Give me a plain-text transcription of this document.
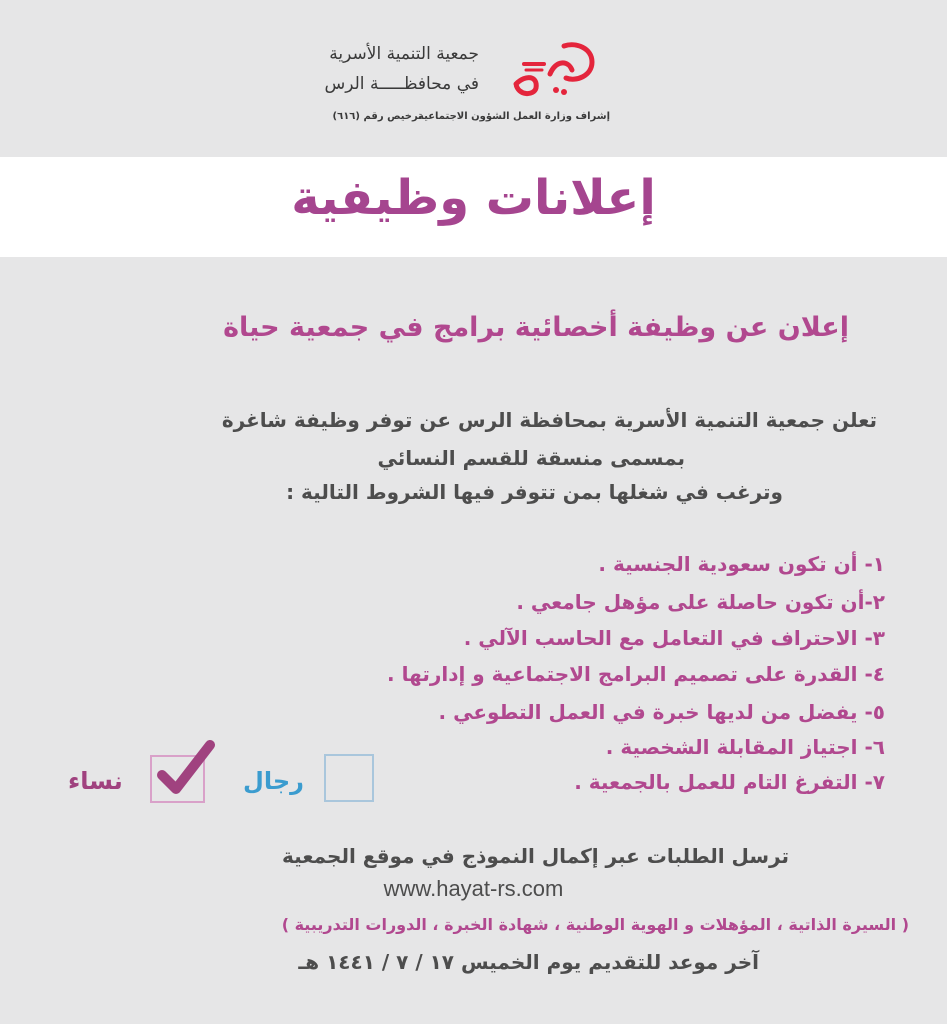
جمعية التنمية الأسرية
في محافظـــــة الرس
إشراف وزارة العمل الشؤون الاجتماعية
ترخيص رقم (٦١٦)
إعلانات وظيفية
إعلان عن وظيفة أخصائية برامج في جمعية حياة
تعلن جمعية التنمية الأسرية بمحافظة الرس عن توفر وظيفة شاغرة
بمسمى منسقة للقسم النسائي
وترغب في شغلها بمن تتوفر فيها الشروط التالية :
١- أن تكون سعودية الجنسية .
٢-أن تكون حاصلة على مؤهل جامعي .
٣- الاحتراف في التعامل مع الحاسب الآلي .
٤- القدرة على تصميم البرامج الاجتماعية و إدارتها .
٥- يفضل من لديها خبرة في العمل التطوعي .
٦- اجتياز المقابلة الشخصية .
٧- التفرغ التام للعمل بالجمعية .
رجال
نساء
ترسل الطلبات عبر إكمال النموذج في موقع الجمعية
www.hayat-rs.com
( السيرة الذاتية ، المؤهلات و الهوية الوطنية ، شهادة الخبرة ، الدورات التدريبية )
آخر موعد للتقديم يوم الخميس ١٧ / ٧ / ١٤٤١ هـ
